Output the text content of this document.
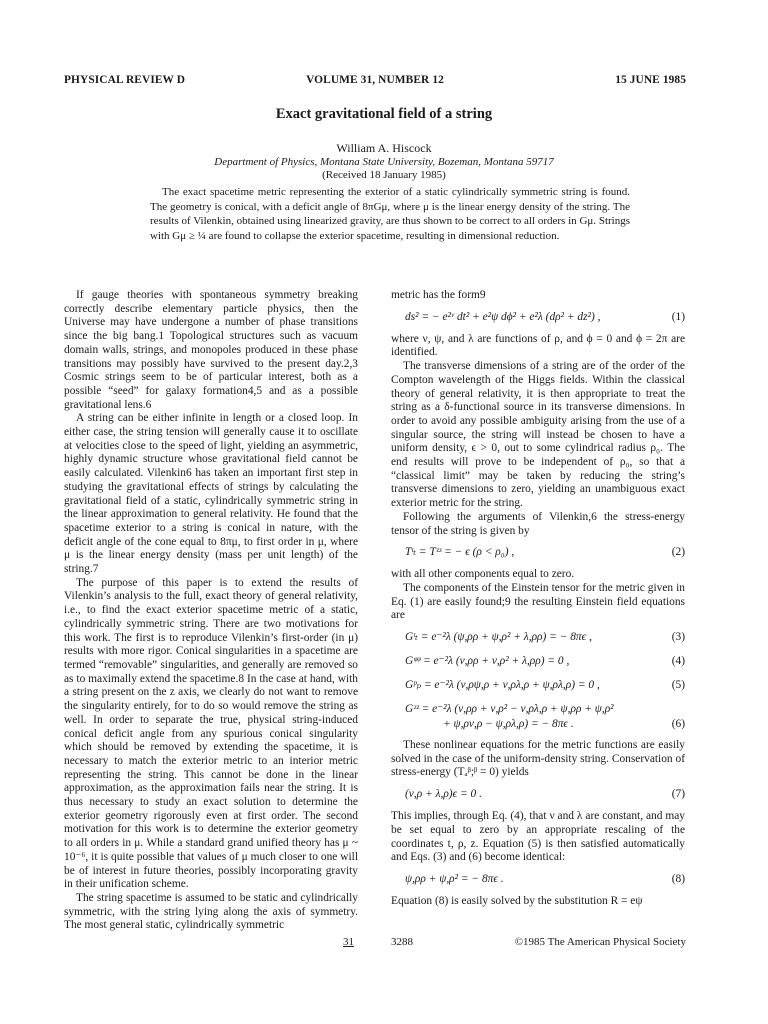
PHYSICAL REVIEW D	VOLUME 31, NUMBER 12	15 JUNE 1985
Exact gravitational field of a string
William A. Hiscock
Department of Physics, Montana State University, Bozeman, Montana 59717
(Received 18 January 1985)

The exact spacetime metric representing the exterior of a static cylindrically symmetric string is found. The geometry is conical, with a deficit angle of 8πGμ, where μ is the linear energy density of the string. The results of Vilenkin, obtained using linearized gravity, are thus shown to be correct to all orders in Gμ. Strings with Gμ ≥ ¼ are found to collapse the exterior spacetime, resulting in dimensional reduction.

If gauge theories with spontaneous symmetry breaking correctly describe elementary particle physics, then the Universe may have undergone a number of phase transitions since the big bang.1 Topological structures such as vacuum domain walls, strings, and monopoles produced in these phase transitions may possibly have survived to the present day.2,3 Cosmic strings seem to be of particular interest, both as a possible “seed” for galaxy formation4,5 and as a possible gravitational lens.6

A string can be either infinite in length or a closed loop. In either case, the string tension will generally cause it to oscillate at velocities close to the speed of light, yielding an asymmetric, highly dynamic structure whose gravitational field cannot be easily calculated. Vilenkin6 has taken an important first step in studying the gravitational effects of strings by calculating the gravitational field of a static, cylindrically symmetric string in the linear approximation to general relativity. He found that the spacetime exterior to a string is conical in nature, with the deficit angle of the cone equal to 8πμ, to first order in μ, where μ is the linear energy density (mass per unit length) of the string.7

The purpose of this paper is to extend the results of Vilenkin’s analysis to the full, exact theory of general relativity, i.e., to find the exact exterior spacetime metric of a static, cylindrically symmetric string. There are two motivations for this work. The first is to reproduce Vilenkin’s first-order (in μ) results with more rigor. Conical singularities in a spacetime are termed “removable” singularities, and generally are removed so as to maximally extend the spacetime.8 In the case at hand, with a string present on the z axis, we clearly do not want to remove the singularity entirely, for to do so would remove the string as well. In order to separate the true, physical string-induced conical deficit angle from any spurious conical singularity which should be removed by extending the spacetime, it is necessary to match the exterior metric to an interior metric representing the string. This cannot be done in the linear approximation, as the approximation fails near the string. It is thus necessary to study an exact solution to determine the exterior geometry rigorously even at first order. The second motivation for this work is to determine the exterior geometry to all orders in μ. While a standard grand unified theory has μ ~ 10⁻⁶, it is quite possible that values of μ much closer to one will be of interest in future theories, possibly incorporating gravity in their unification scheme.

The string spacetime is assumed to be static and cylindrically symmetric, with the string lying along the axis of symmetry. The most general static, cylindrically symmetric

metric has the form9

ds² = − e²ᵛ dt² + e²ψ dϕ² + e²λ (dρ² + dz²) ,	(1)

where ν, ψ, and λ are functions of ρ, and ϕ = 0 and ϕ = 2π are identified.

The transverse dimensions of a string are of the order of the Compton wavelength of the Higgs fields. Within the classical theory of general relativity, it is then appropriate to treat the string as a δ-functional source in its transverse dimensions. In order to avoid any possible ambiguity arising from the use of a singular source, the string will instead be chosen to have a uniform density, ϵ > 0, out to some cylindrical radius ρ₀. The end results will prove to be independent of ρ₀, so that a “classical limit” may be taken by reducing the string’s transverse dimensions to zero, yielding an unambiguous exact exterior metric for the string.

Following the arguments of Vilenkin,6 the stress-energy tensor of the string is given by

Tᵗₜ = Tᶻᶻ = − ϵ (ρ < ρ₀) ,	(2)

with all other components equal to zero.

The components of the Einstein tensor for the metric given in Eq. (1) are easily found;9 the resulting Einstein field equations are

Gᵗₜ = e⁻²λ (ψ,ρρ + ψ,ρ² + λ,ρρ) = − 8πϵ ,	(3)
Gᵠᵠ = e⁻²λ (ν,ρρ + ν,ρ² + λ,ρρ) = 0 ,	(4)
Gᵖₚ = e⁻²λ (ν,ρψ,ρ + ν,ρλ,ρ + ψ,ρλ,ρ) = 0 ,	(5)
Gᶻᶻ = e⁻²λ (ν,ρρ + ν,ρ² − ν,ρλ,ρ + ψ,ρρ + ψ,ρ²
+ ψ,ρν,ρ − ψ,ρλ,ρ) = − 8πϵ .	(6)

These nonlinear equations for the metric functions are easily solved in the case of the uniform-density string. Conservation of stress-energy (Tₐᵝ;ᵝ = 0) yields

(ν,ρ + λ,ρ)ϵ = 0 .	(7)

This implies, through Eq. (4), that ν and λ are constant, and may be set equal to zero by an appropriate rescaling of the coordinates t, ρ, z. Equation (5) is then satisfied automatically and Eqs. (3) and (6) become identical:

ψ,ρρ + ψ,ρ² = − 8πϵ .	(8)

Equation (8) is easily solved by the substitution R = eψ

31	3288	©1985 The American Physical Society
